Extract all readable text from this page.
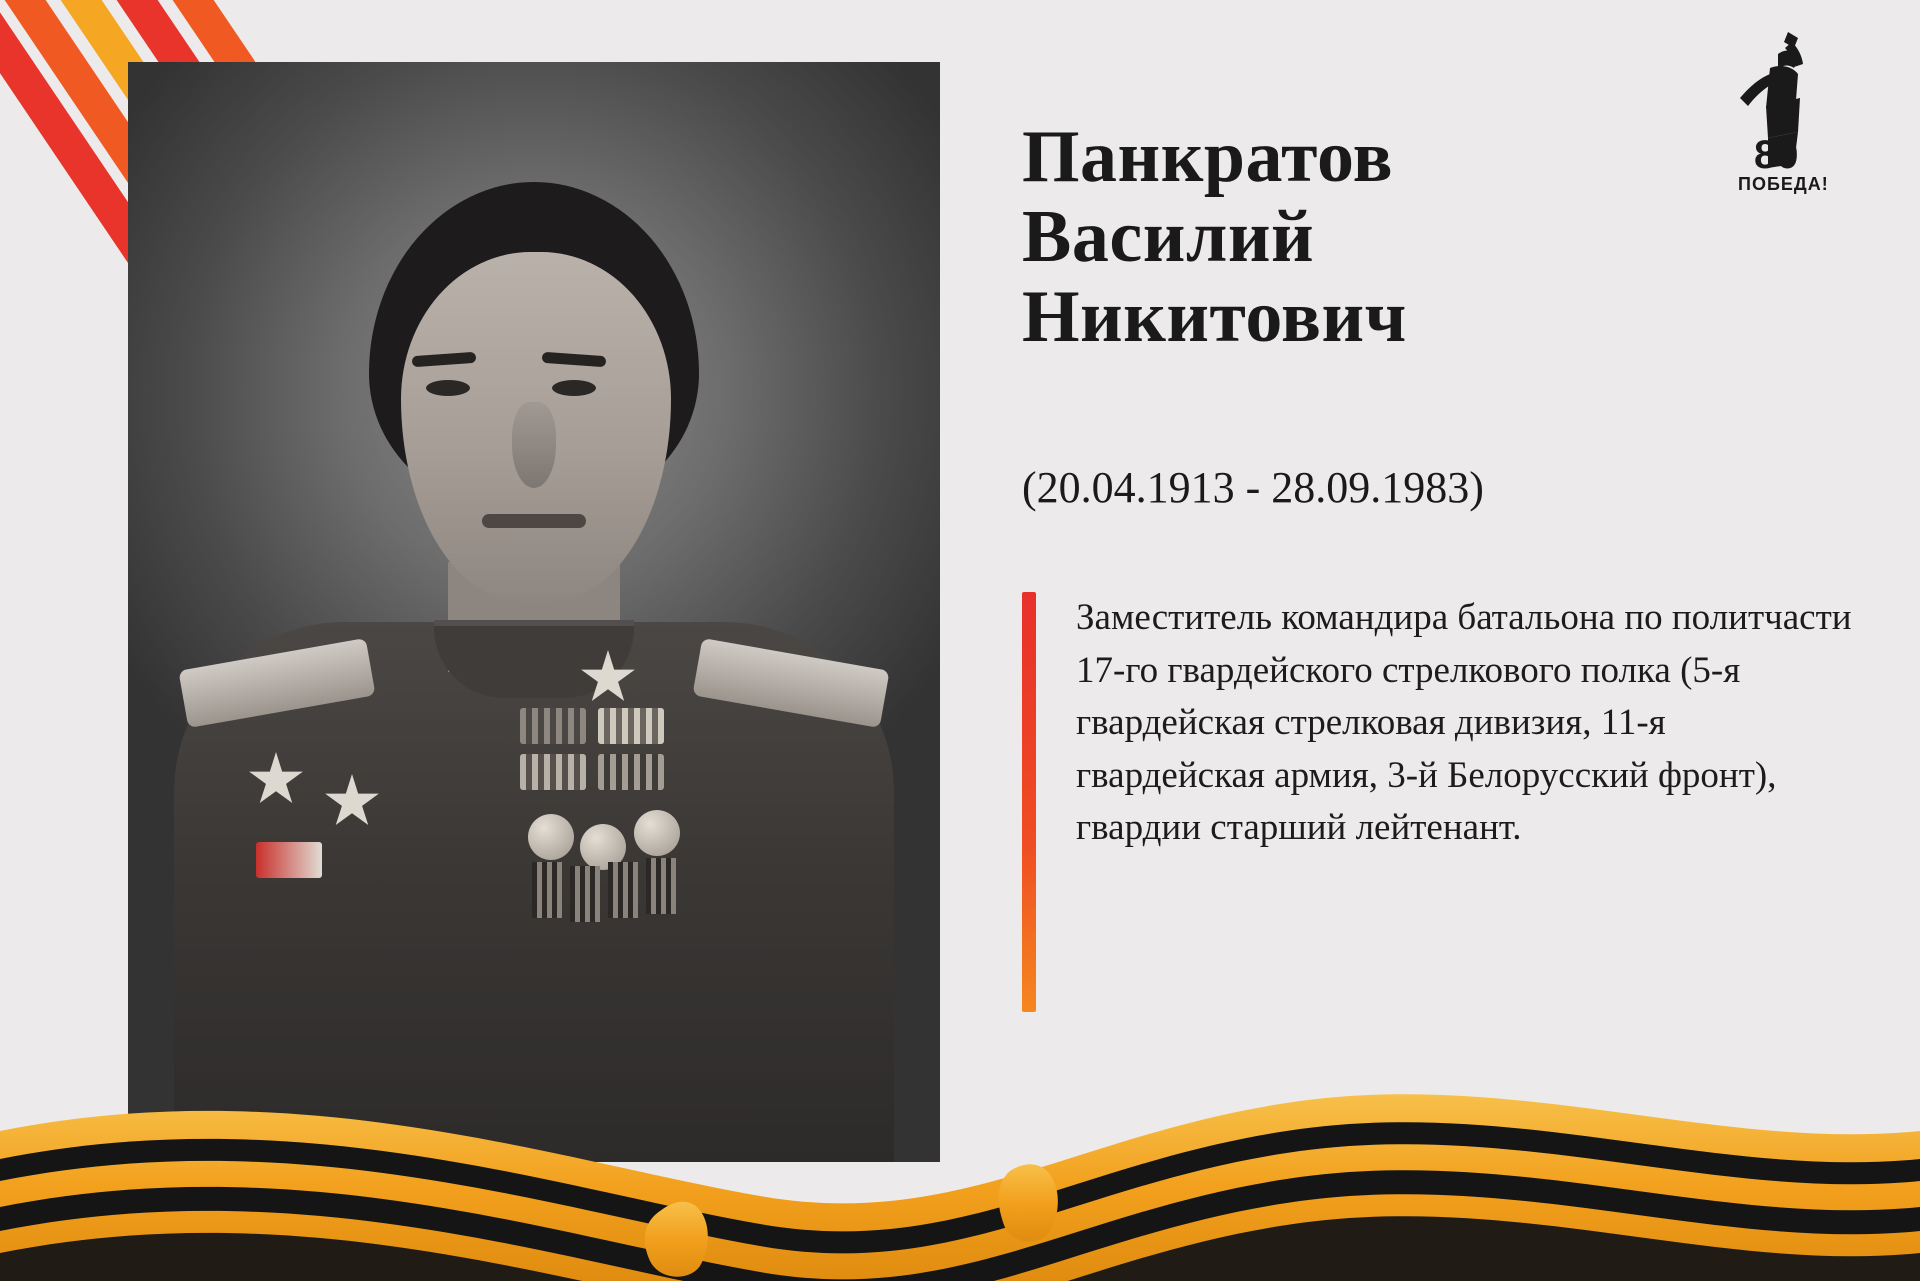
Панкратов
Василий
Никитович
(20.04.1913 - 28.09.1983)
Заместитель командира батальона по политчасти 17-го гвардейского стрелкового полка (5-я гвардейская стрелковая дивизия, 11-я гвардейская армия, 3-й Белорусский фронт), гвардии старший лейтенант.
80
ПОБЕДА!
